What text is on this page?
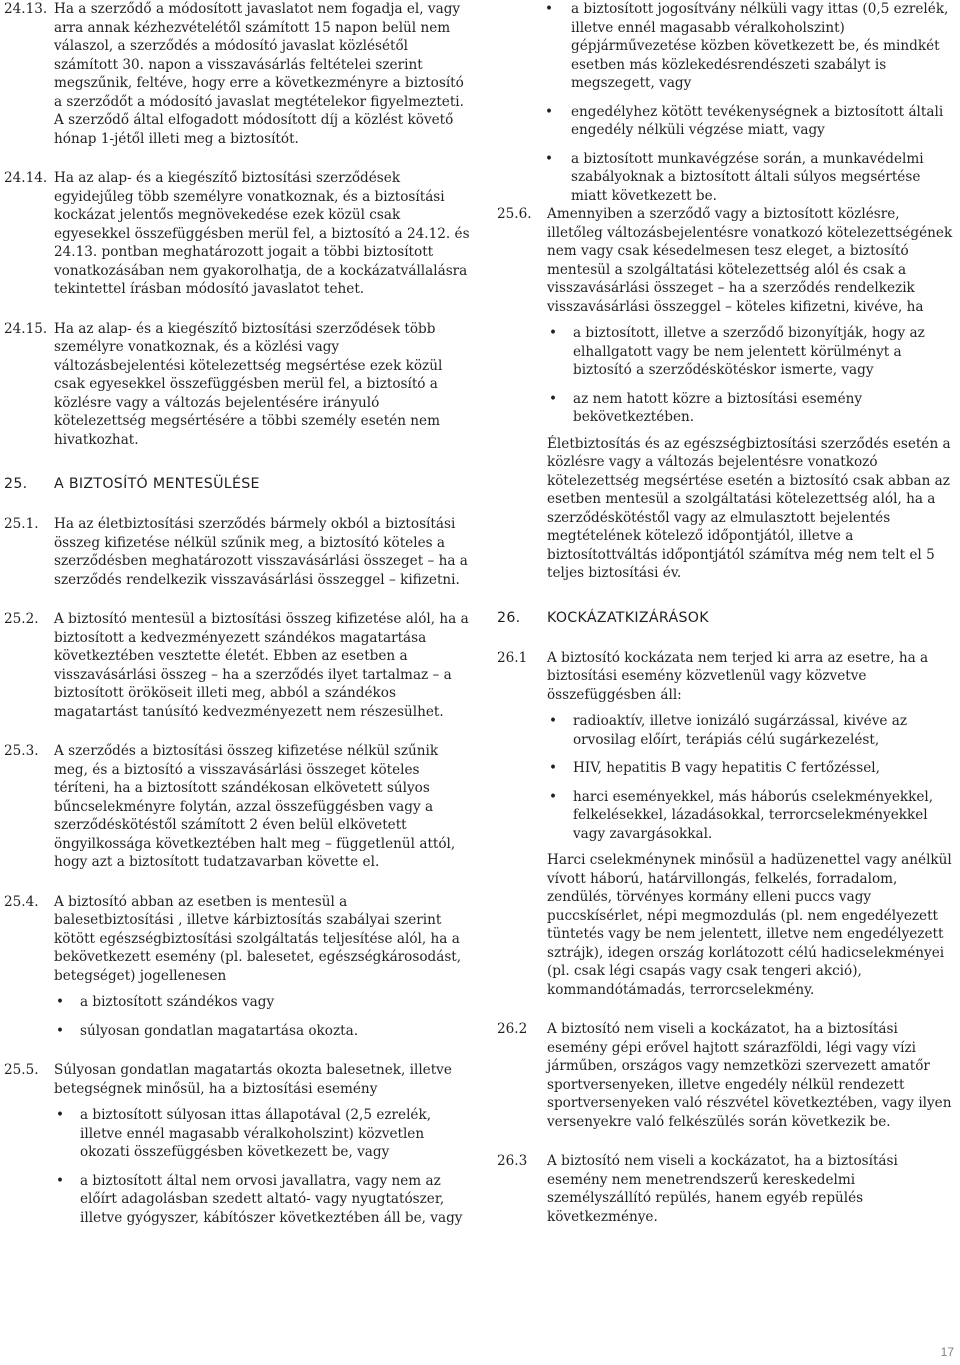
24.13. Ha a szerződő a módosított javaslatot nem fogadja el, vagy arra annak kézhezvételétől számított 15 napon belül nem válaszol, a szerződés a módosító javaslat közlésétől számított 30. napon a visszavásárlás feltételei szerint megszűnik, feltéve, hogy erre a következményre a biztosító a szerződőt a módosító javaslat megtételekor figyelmezteti. A szerződő által elfogadott módosított díj a közlést követő hónap 1-jétől illeti meg a biztosítót.

24.14. Ha az alap- és a kiegészítő biztosítási szerződések egyidejűleg több személyre vonatkoznak, és a biztosítási kockázat jelentős megnövekedése ezek közül csak egyesekkel összefüggésben merül fel, a biztosító a 24.12. és 24.13. pontban meghatározott jogait a többi biztosított vonatkozásában nem gyakorolhatja, de a kockázatvállalásra tekintettel írásban módosító javaslatot tehet.

24.15. Ha az alap- és a kiegészítő biztosítási szerződések több személyre vonatkoznak, és a közlési vagy változásbejelentési kötelezettség megsértése ezek közül csak egyesekkel összefüggésben merül fel, a biztosító a közlésre vagy a változás bejelentésére irányuló kötelezettség megsértésére a többi személy esetén nem hivatkozhat.

25.	A BIZTOSÍTÓ MENTESÜLÉSE
25.1.	Ha az életbiztosítási szerződés bármely okból a biztosítási összeg kifizetése nélkül szűnik meg, a biztosító köteles a szerződésben meghatározott visszavásárlási összeget – ha a szerződés rendelkezik visszavásárlási összeggel – kifizetni.

25.2.	A biztosító mentesül a biztosítási összeg kifizetése alól, ha a biztosított a kedvezményezett szándékos magatartása következtében vesztette életét. Ebben az esetben a visszavásárlási összeg – ha a szerződés ilyet tartalmaz – a biztosított örököseit illeti meg, abból a szándékos magatartást tanúsító kedvezményezett nem részesülhet.

25.3.	A szerződés a biztosítási összeg kifizetése nélkül szűnik meg, és a biztosító a visszavásárlási összeget köteles téríteni, ha a biztosított szándékosan elkövetett súlyos bűncselekményre folytán, azzal összefüggésben vagy a szerződéskötéstől számított 2 éven belül elkövetett öngyilkossága következtében halt meg – függetlenül attól, hogy azt a biztosított tudatzavarban követte el.

25.4.	A biztosító abban az esetben is mentesül a balesetbiztosítási , illetve kárbiztosítás szabályai szerint kötött egészségbiztosítási szolgáltatás teljesítése alól, ha a bekövetkezett esemény (pl. balesetet, egészségkárosodást, betegséget) jogellenesen

• a biztosított szándékos vagy
• súlyosan gondatlan magatartása okozta.
25.5.	Súlyosan gondatlan magatartás okozta balesetnek, illetve betegségnek minősül, ha a biztosítási esemény

• a biztosított súlyosan ittas állapotával (2,5 ezrelék, illetve ennél magasabb véralkoholszint) közvetlen okozati összefüggésben következett be, vagy
• a biztosított által nem orvosi javallatra, vagy nem az előírt adagolásban szedett altató- vagy nyugtatószer, illetve gyógyszer, kábítószer következtében áll be, vagy
• a biztosított jogosítvány nélküli vagy ittas (0,5 ezrelék, illetve ennél magasabb véralkoholszint) gépjárművezetése közben következett be, és mindkét esetben más közlekedésrendészeti szabályt is megszegett, vagy
• engedélyhez kötött tevékenységnek a biztosított általi engedély nélküli végzése miatt, vagy
• a biztosított munkavégzése során, a munkavédelmi szabályoknak a biztosított általi súlyos megsértése miatt következett be.
25.6.	Amennyiben a szerződő vagy a biztosított közlésre, illetőleg változásbejelentésre vonatkozó kötelezettségének nem vagy csak késedelmesen tesz eleget, a biztosító mentesül a szolgáltatási kötelezettség alól és csak a visszavásárlási összeget – ha a szerződés rendelkezik visszavásárlási összeggel – köteles kifizetni, kivéve, ha

• a biztosított, illetve a szerződő bizonyítják, hogy az elhallgatott vagy be nem jelentett körülményt a biztosító a szerződéskötéskor ismerte, vagy
• az nem hatott közre a biztosítási esemény bekövetkeztében.

Életbiztosítás és az egészségbiztosítási szerződés esetén a közlésre vagy a változás bejelentésre vonatkozó kötelezettség megsértése esetén a biztosító csak abban az esetben mentesül a szolgáltatási kötelezettség alól, ha a szerződéskötéstől vagy az elmulasztott bejelentés megtételének kötelező időpontjától, illetve a biztosítottváltás időpontjától számítva még nem telt el 5 teljes biztosítási év.

26.	KOCKÁZATKIZÁRÁSOK
26.1	A biztosító kockázata nem terjed ki arra az esetre, ha a biztosítási esemény közvetlenül vagy közvetve összefüggésben áll:

• radioaktív, illetve ionizáló sugárzással, kivéve az orvosilag előírt, terápiás célú sugárkezelést,
• HIV, hepatitis B vagy hepatitis C fertőzéssel,
• harci eseményekkel, más háborús cselekményekkel, felkelésekkel, lázadásokkal, terrorcselekményekkel vagy zavargásokkal.

Harci cselekménynek minősül a hadüzenettel vagy anélkül vívott háború, határvillongás, felkelés, forradalom, zendülés, törvényes kormány elleni puccs vagy puccskísérlet, népi megmozdulás (pl. nem engedélyezett tüntetés vagy be nem jelentett, illetve nem engedélyezett sztrájk), idegen ország korlátozott célú hadicselekményei (pl. csak légi csapás vagy csak tengeri akció), kommandótámadás, terrorcselekmény.

26.2	A biztosító nem viseli a kockázatot, ha a biztosítási esemény gépi erővel hajtott szárazföldi, légi vagy vízi járműben, országos vagy nemzetközi szervezett amatőr sportversenyeken, illetve engedély nélkül rendezett sportversenyeken való részvétel következtében, vagy ilyen versenyekre való felkészülés során következik be.

26.3	A biztosító nem viseli a kockázatot, ha a biztosítási esemény nem menetrendszerű kereskedelmi személyszállító repülés, hanem egyéb repülés következménye.

17
